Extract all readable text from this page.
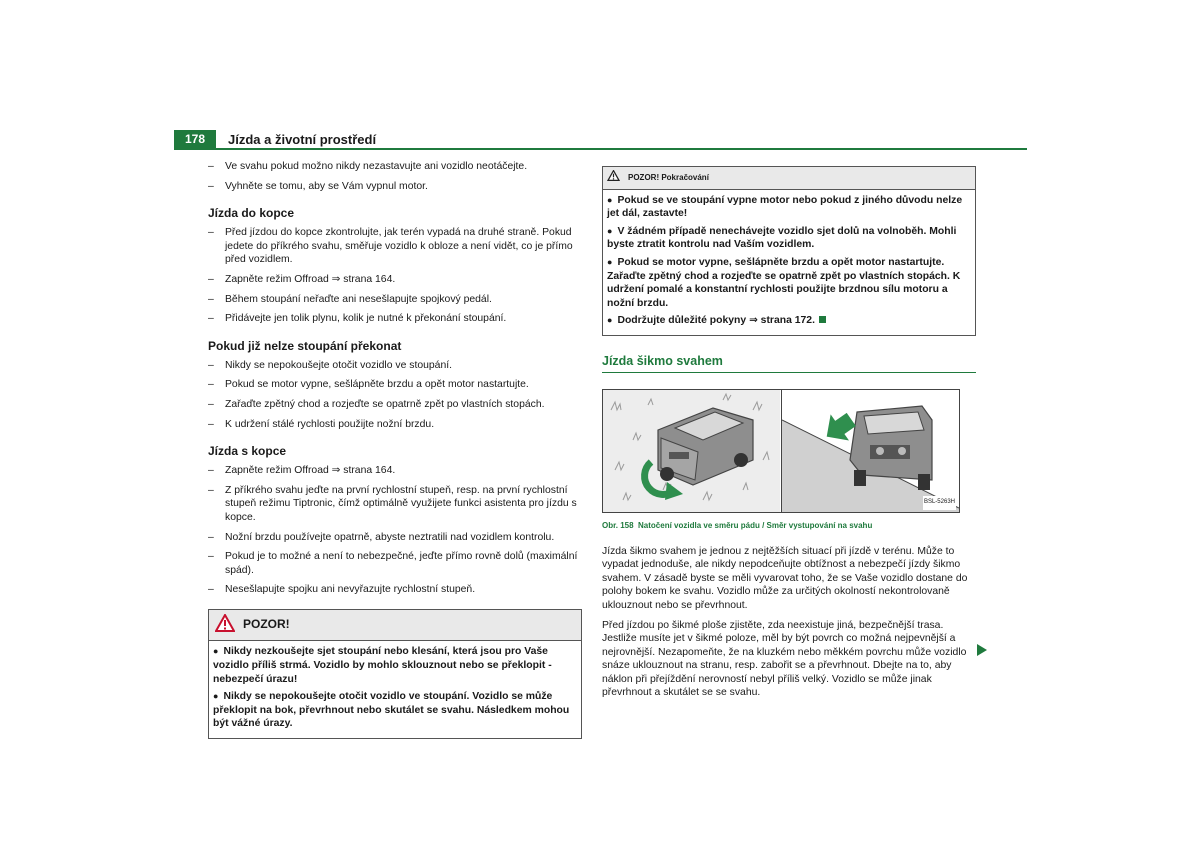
178	Jízda a životní prostředí
– Ve svahu pokud možno nikdy nezastavujte ani vozidlo neotáčejte.
– Vyhněte se tomu, aby se Vám vypnul motor.
Jízda do kopce
– Před jízdou do kopce zkontrolujte, jak terén vypadá na druhé straně. Pokud jedete do příkrého svahu, směřuje vozidlo k obloze a není vidět, co je přímo před vozidlem.
– Zapněte režim Offroad ⇒ strana 164.
– Během stoupání neřaďte ani nesešlapujte spojkový pedál.
– Přidávejte jen tolik plynu, kolik je nutné k překonání stoupání.
Pokud již nelze stoupání překonat
– Nikdy se nepokoušejte otočit vozidlo ve stoupání.
– Pokud se motor vypne, sešlápněte brzdu a opět motor nastartujte.
– Zařaďte zpětný chod a rozjeďte se opatrně zpět po vlastních stopách.
– K udržení stálé rychlosti použijte nožní brzdu.
Jízda s kopce
– Zapněte režim Offroad ⇒ strana 164.
– Z příkrého svahu jeďte na první rychlostní stupeň, resp. na první rychlostní stupeň režimu Tiptronic, čímž optimálně využijete funkci asistenta pro jízdu s kopce.
– Nožní brzdu používejte opatrně, abyste neztratili nad vozidlem kontrolu.
– Pokud je to možné a není to nebezpečné, jeďte přímo rovně dolů (maximální spád).
– Nesešlapujte spojku ani nevyřazujte rychlostní stupeň.
POZOR!

● Nikdy nezkoušejte sjet stoupání nebo klesání, která jsou pro Vaše vozidlo příliš strmá. Vozidlo by mohlo sklouznout nebo se překlopit - nebezpečí úrazu!

● Nikdy se nepokoušejte otočit vozidlo ve stoupání. Vozidlo se může překlopit na bok, převrhnout nebo skutálet se svahu. Následkem mohou být vážné úrazy.

POZOR! Pokračování

● Pokud se ve stoupání vypne motor nebo pokud z jiného důvodu nelze jet dál, zastavte!

● V žádném případě nenechávejte vozidlo sjet dolů na volnoběh. Mohli byste ztratit kontrolu nad Vaším vozidlem.

● Pokud se motor vypne, sešlápněte brzdu a opět motor nastartujte. Zařaďte zpětný chod a rozjeďte se opatrně zpět po vlastních stopách. K udržení pomalé a konstantní rychlosti použijte brzdnou sílu motoru a nožní brzdu.

● Dodržujte důležité pokyny ⇒ strana 172.

Jízda šikmo svahem
BSL-5263H
Obr. 158 Natočení vozidla ve směru pádu / Směr vystupování na svahu

Jízda šikmo svahem je jednou z nejtěžších situací při jízdě v terénu. Může to vypadat jednoduše, ale nikdy nepodceňujte obtížnost a nebezpečí jízdy šikmo svahem. V zásadě byste se měli vyvarovat toho, že se Vaše vozidlo dostane do polohy bokem ke svahu. Vozidlo může za určitých okolností nekontrolovaně uklouznout nebo se převrhnout.

Před jízdou po šikmé ploše zjistěte, zda neexistuje jiná, bezpečnější trasa. Jestliže musíte jet v šikmé poloze, měl by být povrch co možná nejpevnější a nejrovnější. Nezapomeňte, že na kluzkém nebo měkkém povrchu může vozidlo snáze uklouznout na stranu, resp. zabořit se a převrhnout. Dbejte na to, aby náklon při přejíždění nerovností nebyl příliš velký. Vozidlo se může jinak převrhnout a skutálet se se svahu.
